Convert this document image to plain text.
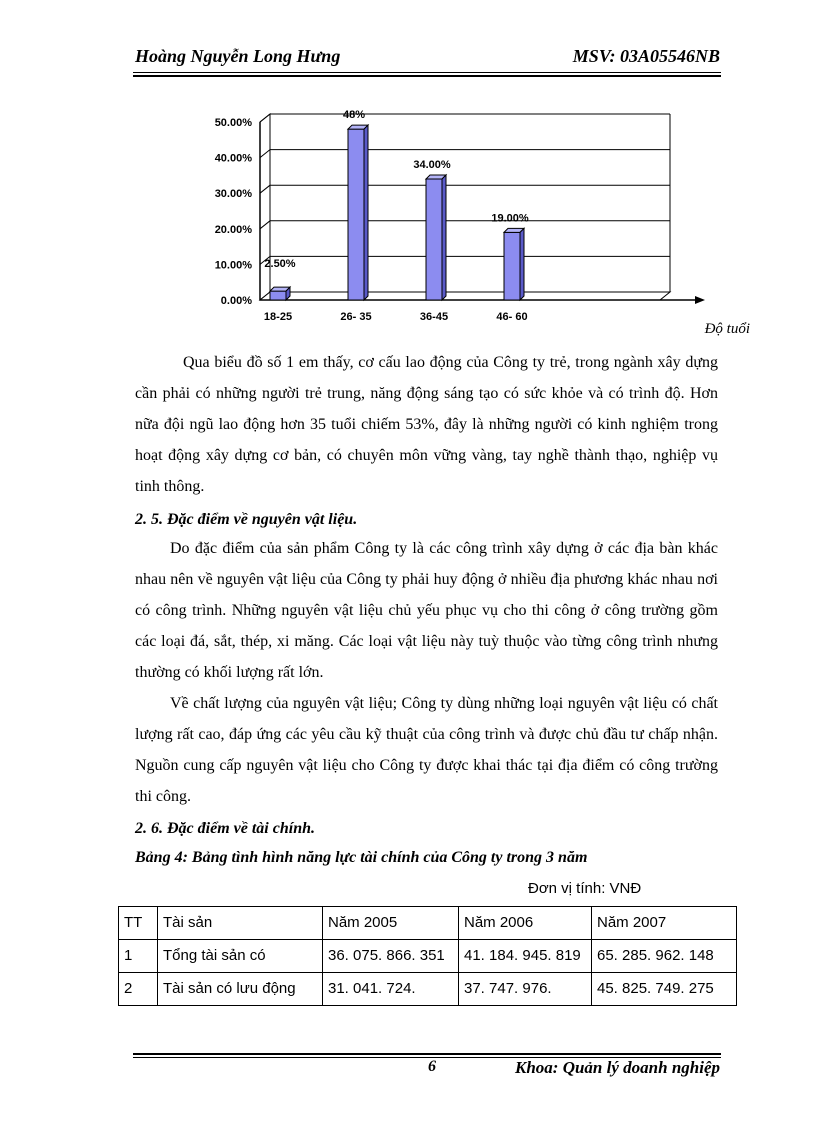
Hoàng Nguyễn Long Hưng	MSV: 03A05546NB
0.00%
10.00%
20.00%
30.00%
40.00%
50.00%
2.50%
18-25
48%
26- 35
34.00%
36-45
19.00%
46- 60
Độ tuổi
Qua biểu đồ số 1 em thấy, cơ cấu lao động của Công ty trẻ, trong ngành xây dựng cần phải có những người trẻ trung, năng động sáng tạo có sức khỏe và có trình độ. Hơn nữa đội ngũ lao động hơn 35 tuổi chiếm 53%, đây là những người có kinh nghiệm trong hoạt động xây dựng cơ bản, có chuyên môn vững vàng, tay nghề thành thạo, nghiệp vụ tinh thông.
2. 5. Đặc điểm về nguyên vật liệu.
Do đặc điểm của sản phẩm Công ty là các công trình xây dựng ở các địa bàn khác nhau nên về nguyên vật liệu của Công ty phải huy động ở nhiều địa phương khác nhau nơi có công trình. Những nguyên vật liệu chủ yếu phục vụ cho thi công ở công trường gồm các loại đá, sắt, thép, xi măng. Các loại vật liệu này tuỳ thuộc vào từng công trình nhưng thường có khối lượng rất lớn.
Về chất lượng của nguyên vật liệu; Công ty dùng những loại nguyên vật liệu có chất lượng rất cao, đáp ứng các yêu cầu kỹ thuật của công trình và được chủ đầu tư chấp nhận. Nguồn cung cấp nguyên vật liệu cho Công ty được khai thác tại địa điểm có công trường thi công.
2. 6. Đặc điểm về tài chính.
Bảng 4: Bảng tình hình năng lực tài chính của Công ty trong 3 năm
Đơn vị tính: VNĐ
TT	Tài sản	Năm 2005	Năm 2006	Năm 2007
1	Tổng tài sản có	36. 075. 866. 351	41. 184. 945. 819	65. 285. 962. 148
2	Tài sản có lưu động	31. 041. 724.	37. 747. 976.	45. 825. 749. 275
6	Khoa: Quản lý doanh nghiệp
